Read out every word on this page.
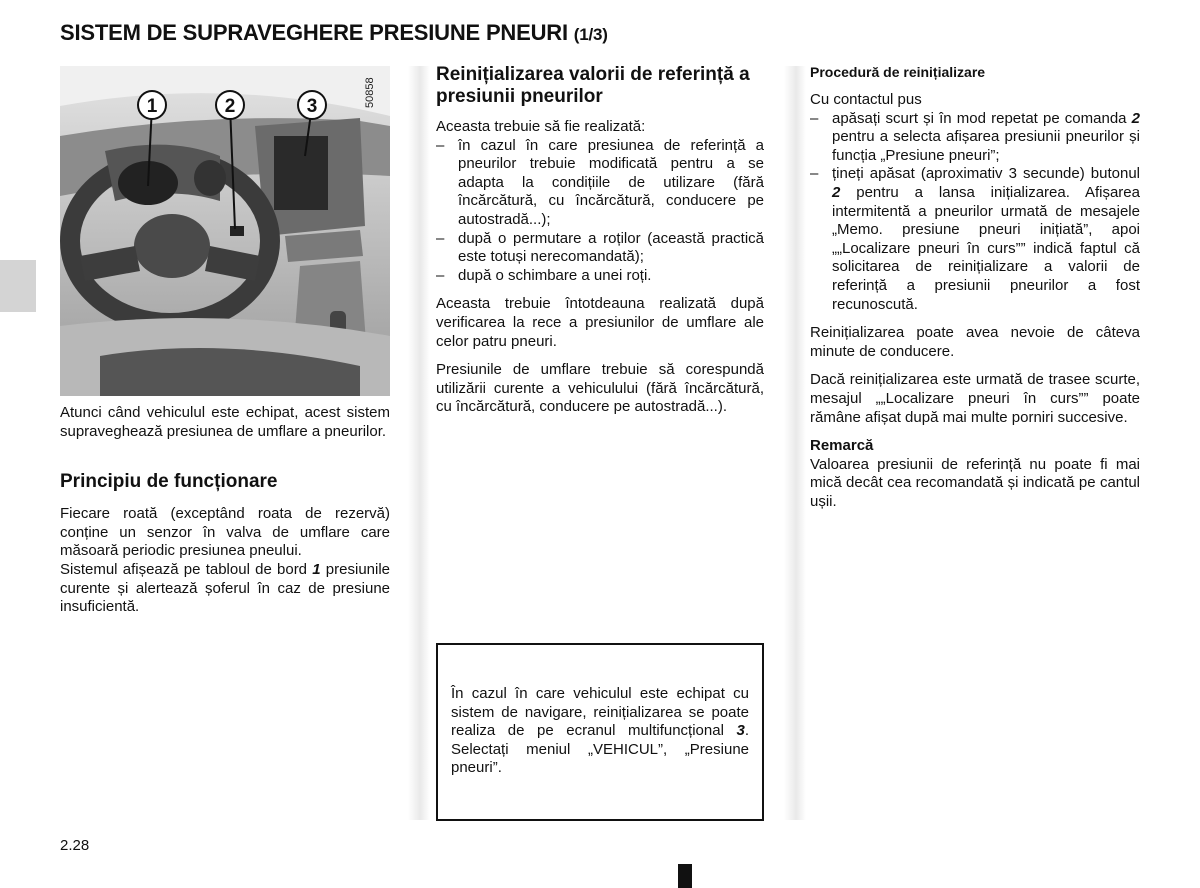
SISTEM DE SUPRAVEGHERE PRESIUNE PNEURI (1/3)
1	2	3	50858

Atunci când vehiculul este echipat, acest sistem supraveghează presiunea de umflare a pneurilor.

Principiu de funcționare

Fiecare roată (exceptând roata de rezervă) conține un senzor în valva de umflare care măsoară periodic presiunea pneului.

Sistemul afișează pe tabloul de bord 1 presiunile curente și alertează șoferul în caz de presiune insuficientă.

Reinițializarea valorii de referință a presiunii pneurilor

Aceasta trebuie să fie realizată:

– în cazul în care presiunea de referință a pneurilor trebuie modificată pentru a se adapta la condițiile de utilizare (fără încărcătură, cu încărcătură, conducere pe autostradă...);
– după o permutare a roților (această practică este totuși nerecomandată);
– după o schimbare a unei roți.

Aceasta trebuie întotdeauna realizată după verificarea la rece a presiunilor de umflare ale celor patru pneuri.

Presiunile de umflare trebuie să corespundă utilizării curente a vehiculului (fără încărcătură, cu încărcătură, conducere pe autostradă...).

În cazul în care vehiculul este echipat cu sistem de navigare, reinițializarea se poate realiza de pe ecranul multifuncțional 3. Selectați meniul „VEHICUL”, „Presiune pneuri”.

Procedură de reinițializare

Cu contactul pus

– apăsați scurt și în mod repetat pe comanda 2 pentru a selecta afișarea presiunii pneurilor și funcția „Presiune pneuri”;
– țineți apăsat (aproximativ 3 secunde) butonul 2 pentru a lansa inițializarea. Afișarea intermitentă a pneurilor urmată de mesajele „Memo. presiune pneuri inițiată”, apoi „„Localizare pneuri în curs”” indică faptul că solicitarea de reinițializare a valorii de referință a presiunii pneurilor a fost recunoscută.

Reinițializarea poate avea nevoie de câteva minute de conducere.

Dacă reinițializarea este urmată de trasee scurte, mesajul „„Localizare pneuri în curs”” poate rămâne afișat după mai multe porniri succesive.

Remarcă

Valoarea presiunii de referință nu poate fi mai mică decât cea recomandată și indicată pe cantul ușii.

2.28
